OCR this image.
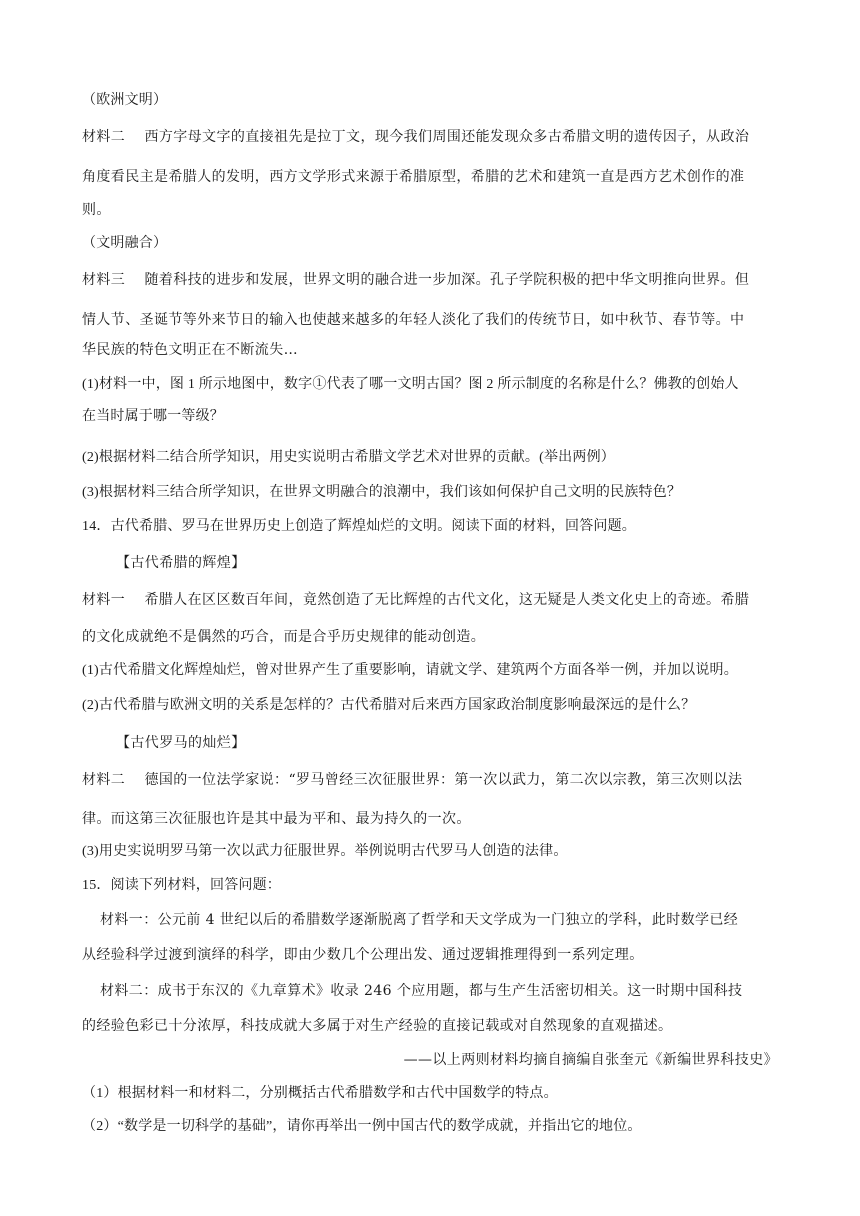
（欧洲文明）
材料二　 西方字母文字的直接祖先是拉丁文，现今我们周围还能发现众多古希腊文明的遗传因子，从政治
角度看民主是希腊人的发明，西方文学形式来源于希腊原型，希腊的艺术和建筑一直是西方艺术创作的准
则。
（文明融合）
材料三　 随着科技的进步和发展，世界文明的融合进一步加深。孔子学院积极的把中华文明推向世界。但
情人节、圣诞节等外来节日的输入也使越来越多的年轻人淡化了我们的传统节日，如中秋节、春节等。中
华民族的特色文明正在不断流失…
(1)材料一中，图 1 所示地图中，数字①代表了哪一文明古国？图 2 所示制度的名称是什么？佛教的创始人
在当时属于哪一等级？
(2)根据材料二结合所学知识，用史实说明古希腊文学艺术对世界的贡献。(举出两例）
(3)根据材料三结合所学知识，在世界文明融合的浪潮中，我们该如何保护自己文明的民族特色？
14．古代希腊、罗马在世界历史上创造了辉煌灿烂的文明。阅读下面的材料，回答问题。
【古代希腊的辉煌】
材料一　 希腊人在区区数百年间，竟然创造了无比辉煌的古代文化，这无疑是人类文化史上的奇迹。希腊
的文化成就绝不是偶然的巧合，而是合乎历史规律的能动创造。
(1)古代希腊文化辉煌灿烂，曾对世界产生了重要影响，请就文学、建筑两个方面各举一例，并加以说明。
(2)古代希腊与欧洲文明的关系是怎样的？古代希腊对后来西方国家政治制度影响最深远的是什么？
【古代罗马的灿烂】
材料二　 德国的一位法学家说：“罗马曾经三次征服世界：第一次以武力，第二次以宗教，第三次则以法
律。而这第三次征服也许是其中最为平和、最为持久的一次。
(3)用史实说明罗马第一次以武力征服世界。举例说明古代罗马人创造的法律。
15．阅读下列材料，回答问题：
材料一：公元前 4 世纪以后的希腊数学逐渐脱离了哲学和天文学成为一门独立的学科，此时数学已经
从经验科学过渡到演绎的科学，即由少数几个公理出发、通过逻辑推理得到一系列定理。
材料二：成书于东汉的《九章算术》收录 246 个应用题，都与生产生活密切相关。这一时期中国科技
的经验色彩已十分浓厚，科技成就大多属于对生产经验的直接记载或对自然现象的直观描述。
——以上两则材料均摘自摘编自张奎元《新编世界科技史》
（1）根据材料一和材料二，分别概括古代希腊数学和古代中国数学的特点。
（2）“数学是一切科学的基础”，请你再举出一例中国古代的数学成就，并指出它的地位。
